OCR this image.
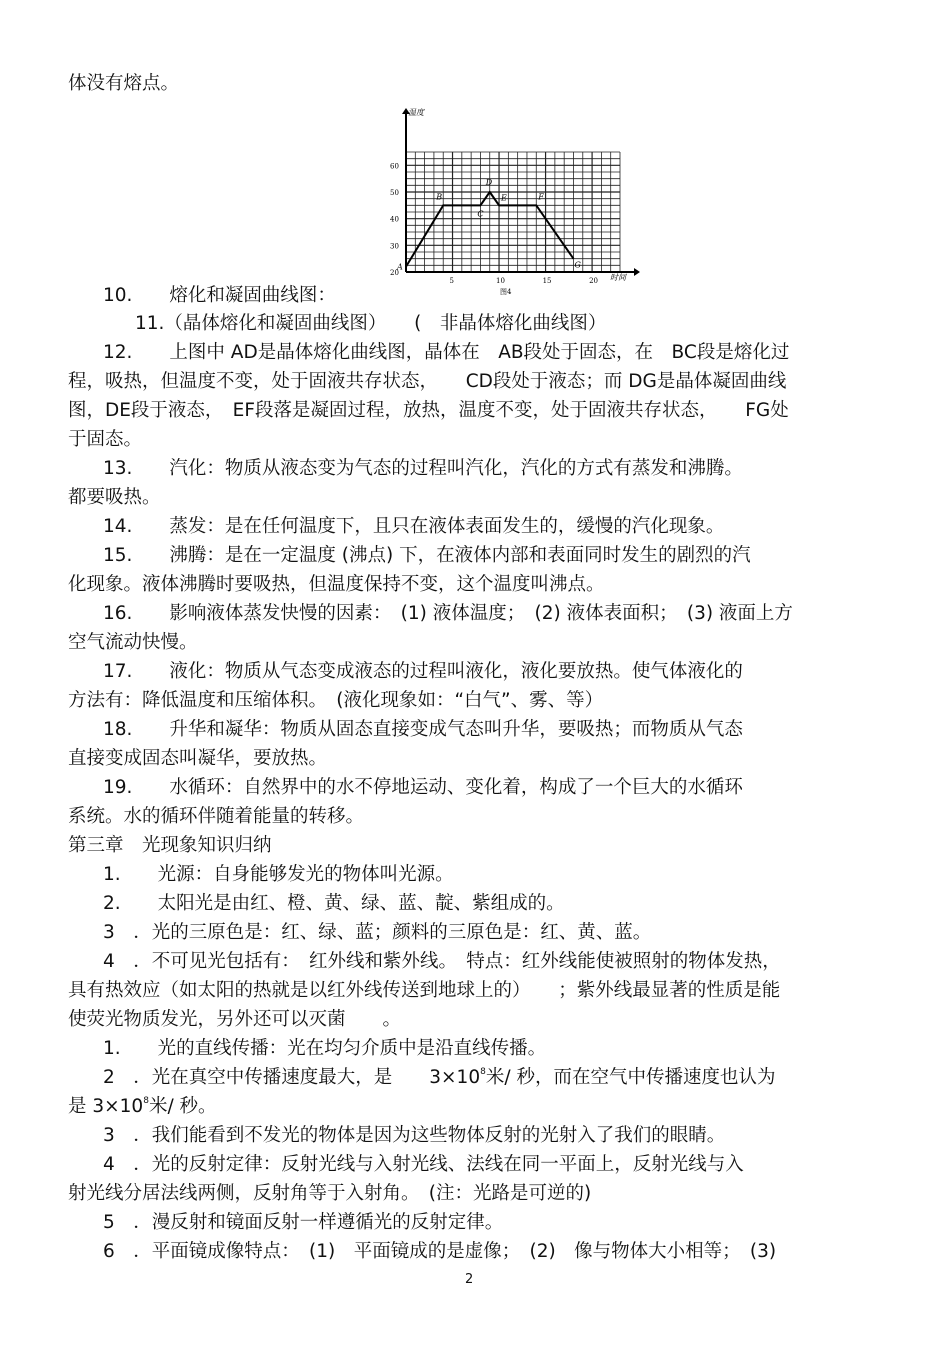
体没有熔点。
60
50
40
30
20
5	10	15	20
A
B
C
D
E	F
G
温度
时间
图4
10.　　熔化和凝固曲线图：
11.（晶体熔化和凝固曲线图）　　(　非晶体熔化曲线图）
12.　　上图中 AD是晶体熔化曲线图，晶体在　AB段处于固态，在　BC段是熔化过
程，吸热，但温度不变，处于固液共存状态，　　CD段处于液态；而 DG是晶体凝固曲线
图，DE段于液态，　EF段落是凝固过程，放热，温度不变，处于固液共存状态，　　FG处
于固态。
13.　　汽化：物质从液态变为气态的过程叫汽化，汽化的方式有蒸发和沸腾。
都要吸热。
14.　　蒸发：是在任何温度下，且只在液体表面发生的，缓慢的汽化现象。
15.　　沸腾：是在一定温度 (沸点) 下，在液体内部和表面同时发生的剧烈的汽
化现象。液体沸腾时要吸热，但温度保持不变，这个温度叫沸点。
16.　　影响液体蒸发快慢的因素：　(1) 液体温度；　(2) 液体表面积；　(3) 液面上方
空气流动快慢。
17.　　液化：物质从气态变成液态的过程叫液化，液化要放热。使气体液化的
方法有：降低温度和压缩体积。　(液化现象如：“白气”、雾、等）
18.　　升华和凝华：物质从固态直接变成气态叫升华，要吸热；而物质从气态
直接变成固态叫凝华，要放热。
19.　　水循环：自然界中的水不停地运动、变化着，构成了一个巨大的水循环
系统。水的循环伴随着能量的转移。
第三章　光现象知识归纳
1.　　光源：自身能够发光的物体叫光源。
2.　　太阳光是由红、橙、黄、绿、蓝、靛、紫组成的。
3　．光的三原色是：红、绿、蓝；颜料的三原色是：红、黄、蓝。
4　．不可见光包括有：　红外线和紫外线。　特点：红外线能使被照射的物体发热，
具有热效应（如太阳的热就是以红外线传送到地球上的）　　；紫外线最显著的性质是能
使荧光物质发光，另外还可以灭菌　　。
1.　　光的直线传播：光在均匀介质中是沿直线传播。
2　．光在真空中传播速度最大，是　　$3\times 10^8$米/ 秒，而在空气中传播速度也认为
是 $3\times 10^8$米/ 秒。
3　．我们能看到不发光的物体是因为这些物体反射的光射入了我们的眼睛。
4　．光的反射定律：反射光线与入射光线、法线在同一平面上，反射光线与入
射光线分居法线两侧，反射角等于入射角。　(注：光路是可逆的)
5　．漫反射和镜面反射一样遵循光的反射定律。
6　．平面镜成像特点：　(1)　平面镜成的是虚像；　(2)　像与物体大小相等；　(3)
2
